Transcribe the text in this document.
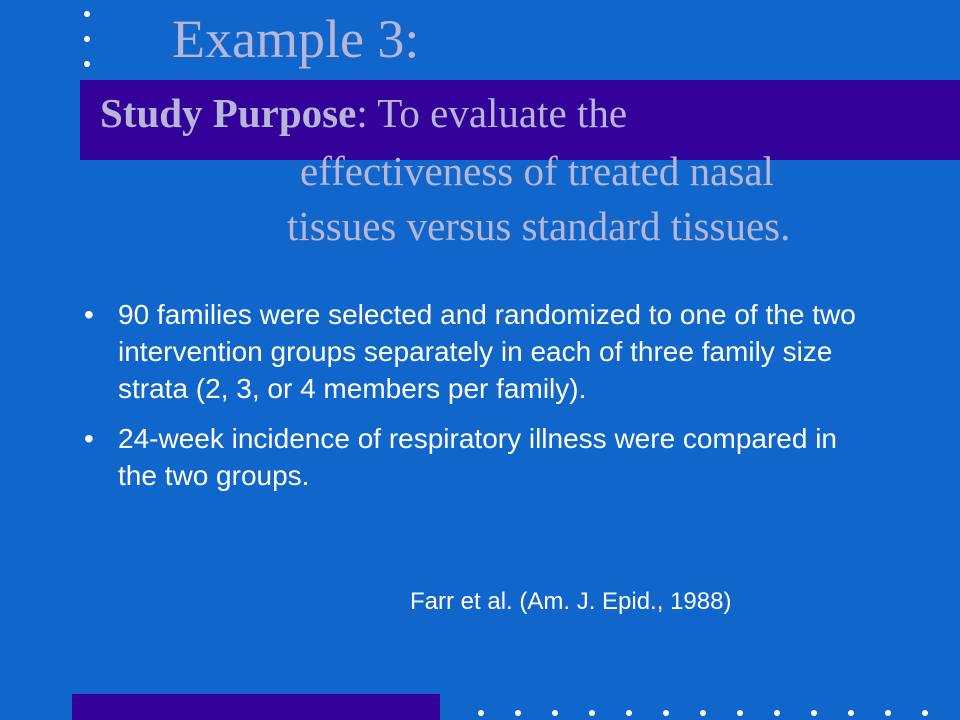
Example 3:
Study Purpose: To evaluate the
effectiveness of treated nasal
tissues versus standard tissues.
• 90 families were selected and randomized to one of the two intervention groups separately in each of three family size strata (2, 3, or 4 members per family).
• 24-week incidence of respiratory illness were compared in the two groups.
Farr et al. (Am. J. Epid., 1988)
